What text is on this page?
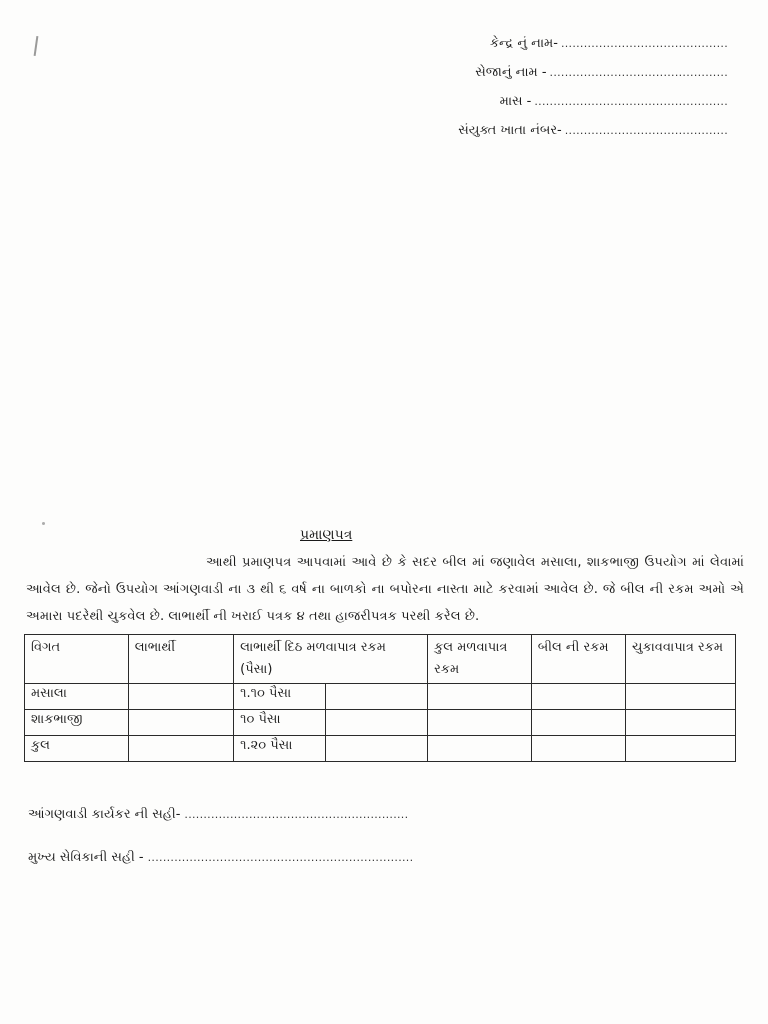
કેન્દ્ર નું નામ- ............................................
સેજાનું નામ - ...............................................
માસ - ...................................................
સંયુક્ત ખાતા નંબર- ...........................................
પ્રમાણપત્ર
આથી પ્રમાણપત્ર આપવામાં આવે છે કે સદર બીલ માં જણાવેલ મસાલા, શાકભાજી ઉપયોગ માં લેવામાં આવેલ છે. જેનો ઉપયોગ આંગણવાડી ના ૩ થી ૬ વર્ષ ના બાળકો ના બપોરના નાસ્તા માટે કરવામાં આવેલ છે. જે બીલ ની રકમ અમો એ અમારા પદરેથી ચુકવેલ છે. લાભાર્થી ની ખરાઈ પત્રક ૪ તથા હાજરીપત્રક પરથી કરેલ છે.
વિગત	લાભાર્થી	લાભાર્થી દિઠ મળવાપાત્ર રકમ (પૈસા)		કુલ મળવાપાત્ર રકમ	બીલ ની રકમ	ચુકાવવાપાત્ર રકમ
મસાલા		૧.૧૦ પૈસા				
શાકભાજી		૧૦ પૈસા				
કુલ		૧.૨૦ પૈસા				
આંગણવાડી કાર્યકર ની સહી- ...........................................................
મુખ્ય સેવિકાની સહી - ......................................................................
